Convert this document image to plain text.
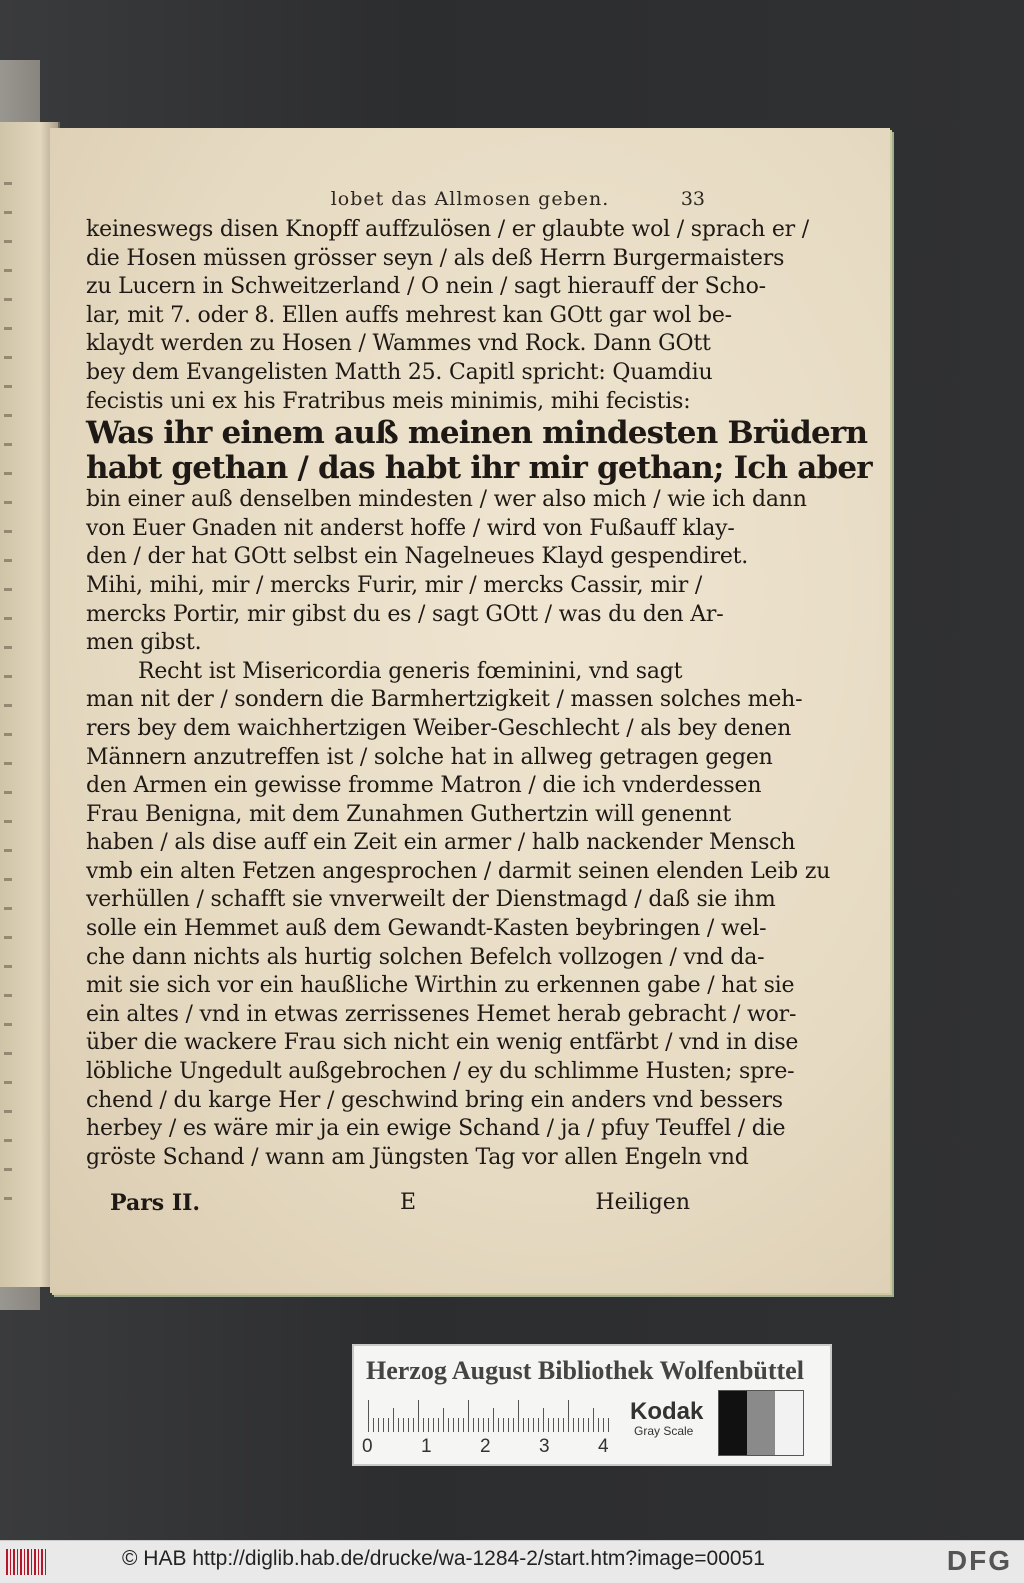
lobet das Allmosen geben.	33
keineswegs disen Knopff auffzulösen / er glaubte wol / sprach er /
die Hosen müssen grösser seyn / als deß Herrn Burgermaisters
zu Lucern in Schweitzerland / O nein / sagt hierauff der Scho-
lar, mit 7. oder 8. Ellen auffs mehrest kan GOtt gar wol be-
klaydt werden zu Hosen / Wammes vnd Rock. Dann GOtt
bey dem Evangelisten Matth 25. Capitl spricht: Quamdiu
fecistis uni ex his Fratribus meis minimis, mihi fecistis:
Was ihr einem auß meinen mindesten Brüdern
habt gethan / das habt ihr mir gethan; Ich aber
bin einer auß denselben mindesten / wer also mich / wie ich dann
von Euer Gnaden nit anderst hoffe / wird von Fußauff klay-
den / der hat GOtt selbst ein Nagelneues Klayd gespendiret.
Mihi, mihi, mir / mercks Furir, mir / mercks Cassir, mir /
mercks Portir, mir gibst du es / sagt GOtt / was du den Ar-
men gibst.
Recht ist Misericordia generis fœminini, vnd sagt
man nit der / sondern die Barmhertzigkeit / massen solches meh-
rers bey dem waichhertzigen Weiber-Geschlecht / als bey denen
Männern anzutreffen ist / solche hat in allweg getragen gegen
den Armen ein gewisse fromme Matron / die ich vnderdessen
Frau Benigna, mit dem Zunahmen Guthertzin will genennt
haben / als dise auff ein Zeit ein armer / halb nackender Mensch
vmb ein alten Fetzen angesprochen / darmit seinen elenden Leib zu
verhüllen / schafft sie vnverweilt der Dienstmagd / daß sie ihm
solle ein Hemmet auß dem Gewandt-Kasten beybringen / wel-
che dann nichts als hurtig solchen Befelch vollzogen / vnd da-
mit sie sich vor ein haußliche Wirthin zu erkennen gabe / hat sie
ein altes / vnd in etwas zerrissenes Hemet herab gebracht / wor-
über die wackere Frau sich nicht ein wenig entfärbt / vnd in dise
löbliche Ungedult außgebrochen / ey du schlimme Husten; spre-
chend / du karge Her / geschwind bring ein anders vnd bessers
herbey / es wäre mir ja ein ewige Schand / ja / pfuy Teuffel / die
gröste Schand / wann am Jüngsten Tag vor allen Engeln vnd
Pars II.	E	Heiligen
Herzog August Bibliothek Wolfenbüttel
0	1	2	3	4
Kodak
Gray Scale
© HAB http://diglib.hab.de/drucke/wa-1284-2/start.htm?image=00051	DFG
